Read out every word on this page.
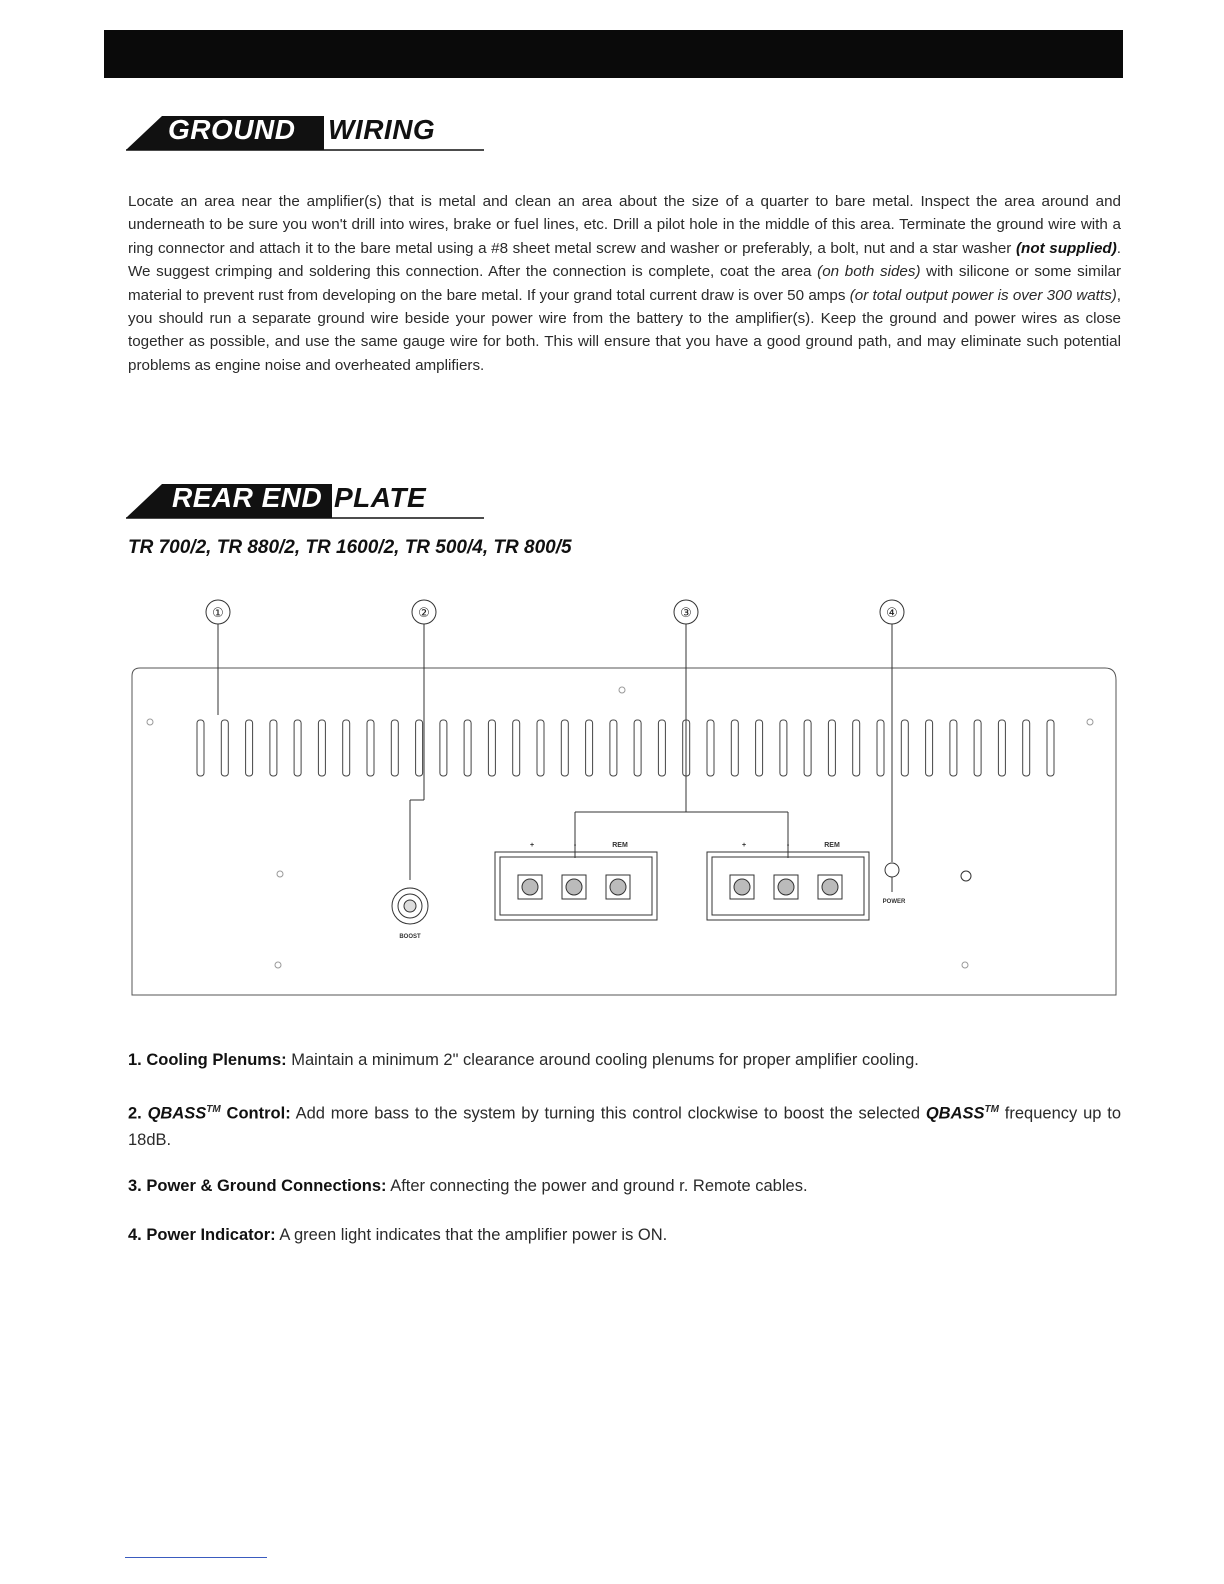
GROUND WIRING

Locate an area near the amplifier(s) that is metal and clean an area about the size of a quarter to bare metal. Inspect the area around and underneath to be sure you won't drill into wires, brake or fuel lines, etc. Drill a pilot hole in the middle of this area. Terminate the ground wire with a ring connector and attach it to the bare metal using a #8 sheet metal screw and washer or preferably, a bolt, nut and a star washer (not supplied). We suggest crimping and soldering this connection. After the connection is complete, coat the area (on both sides) with silicone or some similar material to prevent rust from developing on the bare metal. If your grand total current draw is over 50 amps (or total output power is over 300 watts), you should run a separate ground wire beside your power wire from the battery to the amplifier(s). Keep the ground and power wires as close together as possible, and use the same gauge wire for both. This will ensure that you have a good ground path, and may eliminate such potential problems as engine noise and overheated amplifiers.

REAR END PLATE
TR 700/2, TR 880/2, TR 1600/2, TR 500/4, TR 800/5
①	②	③	④
+	-	REM	+	-	REM
BOOST
POWER

1. Cooling Plenums: Maintain a minimum 2" clearance around cooling plenums for proper amplifier cooling.

2. QBASS™ Control: Add more bass to the system by turning this control clockwise to boost the selected QBASS™ frequency up to 18dB.

3. Power & Ground Connections: After connecting the power and ground r. Remote cables.

4. Power Indicator: A green light indicates that the amplifier power is ON.
